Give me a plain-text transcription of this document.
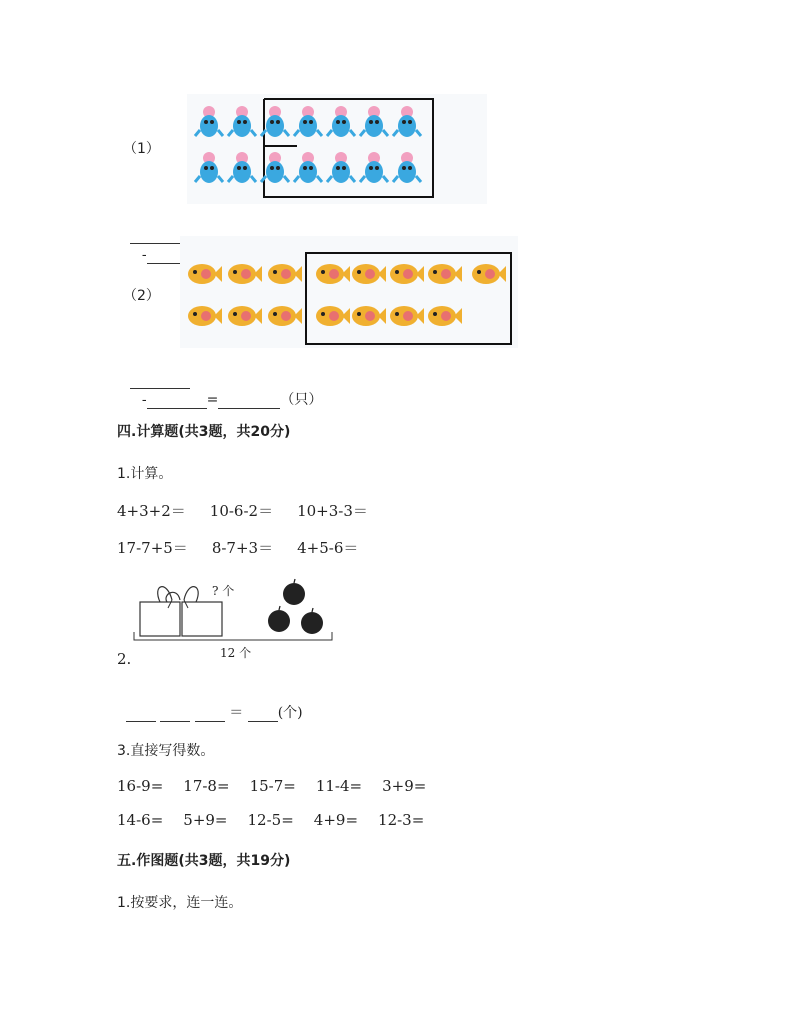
（1）

-

（2）

-	=	（只）

四.计算题(共3题，共20分)
1.计算。
4+3+2＝ 10-6-2＝ 10+3-3＝
17-7+5＝ 8-7+3＝ 4+5-6＝
? 个
12 个
2.

＝ (个)

3.直接写得数。
16-9= 17-8= 15-7= 11-4= 3+9=
14-6= 5+9= 12-5= 4+9= 12-3=
五.作图题(共3题，共19分)
1.按要求，连一连。
